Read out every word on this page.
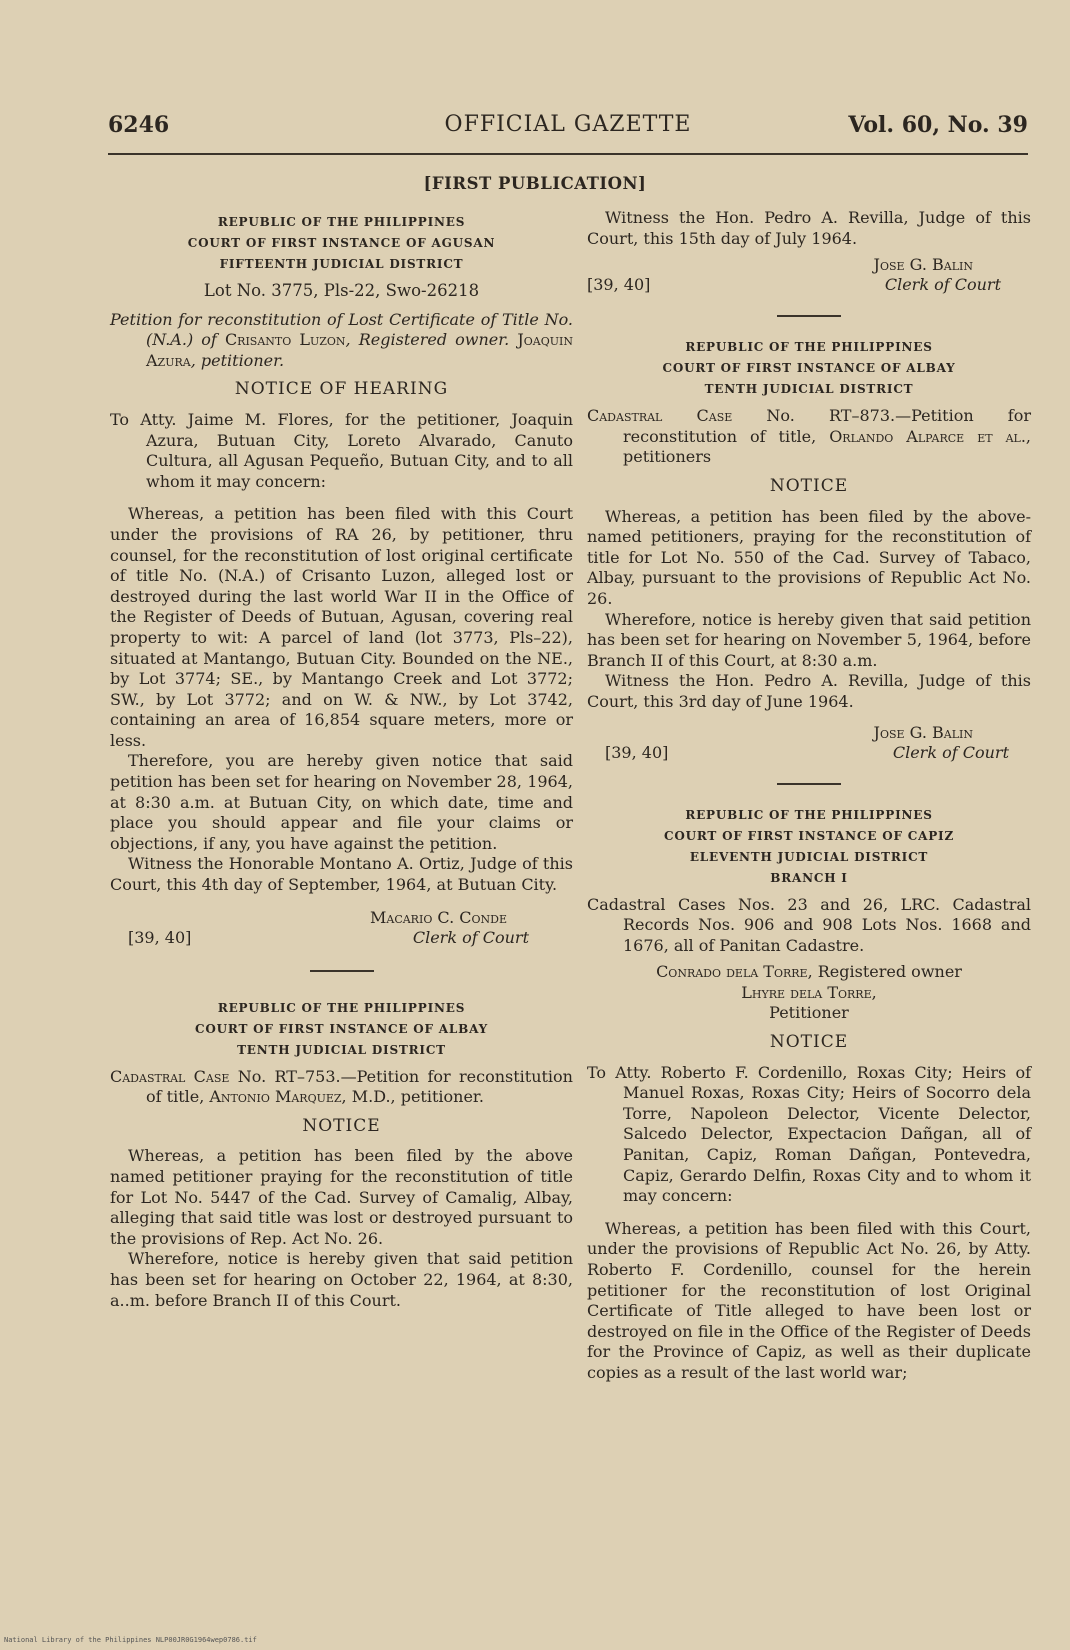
OFFICIAL GAZETTE
6246	Vol. 60, No. 39
[FIRST PUBLICATION]
REPUBLIC OF THE PHILIPPINES
COURT OF FIRST INSTANCE OF AGUSAN
FIFTEENTH JUDICIAL DISTRICT
Lot No. 3775, Pls-22, Swo-26218

Petition for reconstitution of Lost Certificate of Title No. (N.A.) of Crisanto Luzon, Registered owner. Joaquin Azura, petitioner.

NOTICE OF HEARING

To Atty. Jaime M. Flores, for the petitioner, Joaquin Azura, Butuan City, Loreto Alvarado, Canuto Cultura, all Agusan Pequeño, Butuan City, and to all whom it may concern:

Whereas, a petition has been filed with this Court under the provisions of RA 26, by petitioner, thru counsel, for the reconstitution of lost original certificate of title No. (N.A.) of Crisanto Luzon, alleged lost or destroyed during the last world War II in the Office of the Register of Deeds of Butuan, Agusan, covering real property to wit: A parcel of land (lot 3773, Pls–22), situated at Mantango, Butuan City. Bounded on the NE., by Lot 3774; SE., by Mantango Creek and Lot 3772; SW., by Lot 3772; and on W. & NW., by Lot 3742, containing an area of 16,854 square meters, more or less.

Therefore, you are hereby given notice that said petition has been set for hearing on November 28, 1964, at 8:30 a.m. at Butuan City, on which date, time and place you should appear and file your claims or objections, if any, you have against the petition.

Witness the Honorable Montano A. Ortiz, Judge of this Court, this 4th day of September, 1964, at Butuan City.

Macario C. Conde
Clerk of Court
[39, 40]
REPUBLIC OF THE PHILIPPINES
COURT OF FIRST INSTANCE OF ALBAY
TENTH JUDICIAL DISTRICT

Cadastral Case No. RT–753.—Petition for reconstitution of title, Antonio Marquez, M.D., petitioner.

NOTICE

Whereas, a petition has been filed by the above named petitioner praying for the reconstitution of title for Lot No. 5447 of the Cad. Survey of Camalig, Albay, alleging that said title was lost or destroyed pursuant to the provisions of Rep. Act No. 26.

Wherefore, notice is hereby given that said petition has been set for hearing on October 22, 1964, at 8:30, a..m. before Branch II of this Court.

Witness the Hon. Pedro A. Revilla, Judge of this Court, this 15th day of July 1964.

Jose G. Balin
Clerk of Court
[39, 40]
REPUBLIC OF THE PHILIPPINES
COURT OF FIRST INSTANCE OF ALBAY
TENTH JUDICIAL DISTRICT

Cadastral Case No. RT–873.—Petition for reconstitution of title, Orlando Alparce et al., petitioners

NOTICE

Whereas, a petition has been filed by the above-named petitioners, praying for the reconstitution of title for Lot No. 550 of the Cad. Survey of Tabaco, Albay, pursuant to the provisions of Republic Act No. 26.

Wherefore, notice is hereby given that said petition has been set for hearing on November 5, 1964, before Branch II of this Court, at 8:30 a.m.

Witness the Hon. Pedro A. Revilla, Judge of this Court, this 3rd day of June 1964.

Jose G. Balin
Clerk of Court
[39, 40]
REPUBLIC OF THE PHILIPPINES
COURT OF FIRST INSTANCE OF CAPIZ
ELEVENTH JUDICIAL DISTRICT
BRANCH I

Cadastral Cases Nos. 23 and 26, LRC. Cadastral Records Nos. 906 and 908 Lots Nos. 1668 and 1676, all of Panitan Cadastre.

Conrado dela Torre, Registered owner
Lhyre dela Torre,
Petitioner
NOTICE

To Atty. Roberto F. Cordenillo, Roxas City; Heirs of Manuel Roxas, Roxas City; Heirs of Socorro dela Torre, Napoleon Delector, Vicente Delector, Salcedo Delector, Expectacion Dañgan, all of Panitan, Capiz, Roman Dañgan, Pontevedra, Capiz, Gerardo Delfin, Roxas City and to whom it may concern:

Whereas, a petition has been filed with this Court, under the provisions of Republic Act No. 26, by Atty. Roberto F. Cordenillo, counsel for the herein petitioner for the reconstitution of lost Original Certificate of Title alleged to have been lost or destroyed on file in the Office of the Register of Deeds for the Province of Capiz, as well as their duplicate copies as a result of the last world war;

National Library of the Philippines NLP00JR0G1964wep0786.tif
